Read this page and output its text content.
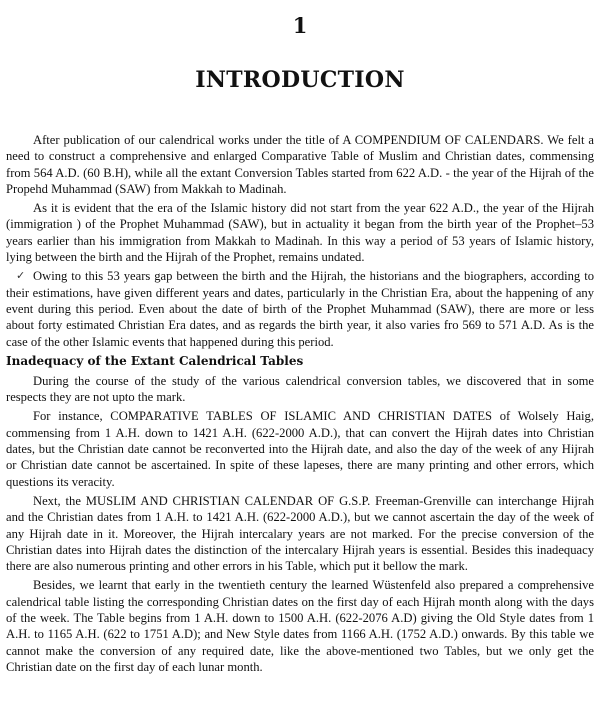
1
INTRODUCTION

After publication of our calendrical works under the title of A COMPENDIUM OF CALENDARS. We felt a need to construct a comprehensive and enlarged Comparative Table of Muslim and Christian dates, commensing from 564 A.D. (60 B.H), while all the extant Conversion Tables started from 622 A.D. - the year of the Hijrah of the Propehd Muhammad (SAW) from Makkah to Madinah.

As it is evident that the era of the Islamic history did not start from the year 622 A.D., the year of the Hijrah (immigration ) of the Prophet Muhammad (SAW), but in actuality it began from the birth year of the Prophet–53 years earlier than his immigration from Makkah to Madinah. In this way a period of 53 years of Islamic history, lying between the birth and the Hijrah of the Prophet, remains undated.

✓ Owing to this 53 years gap between the birth and the Hijrah, the historians and the biographers, according to their estimations, have given different years and dates, particularly in the Christian Era, about the happening of any event during this period. Even about the date of birth of the Prophet Muhammad (SAW), there are more or less about forty estimated Christian Era dates, and as regards the birth year, it also varies fro 569 to 571 A.D. As is the case of the other Islamic events that happened during this period.

Inadequacy of the Extant Calendrical Tables

During the course of the study of the various calendrical conversion tables, we discovered that in some respects they are not upto the mark.

For instance, COMPARATIVE TABLES OF ISLAMIC AND CHRISTIAN DATES of Wolsely Haig, commensing from 1 A.H. down to 1421 A.H. (622-2000 A.D.), that can convert the Hijrah dates into Christian dates, but the Christian date cannot be reconverted into the Hijrah date, and also the day of the week of any Hijrah or Christian date cannot be ascertained. In spite of these lapeses, there are many printing and other errors, which questions its veracity.

Next, the MUSLIM AND CHRISTIAN CALENDAR OF G.S.P. Freeman-Grenville can interchange Hijrah and the Christian dates from 1 A.H. to 1421 A.H. (622-2000 A.D.), but we cannot ascertain the day of the week of any Hijrah date in it. Moreover, the Hijrah intercalary years are not marked. For the precise conversion of the Christian dates into Hijrah dates the distinction of the intercalary Hijrah years is essential. Besides this inadequacy there are also numerous printing and other errors in his Table, which put it bellow the mark.

Besides, we learnt that early in the twentieth century the learned Wüstenfeld also prepared a comprehensive calendrical table listing the corresponding Christian dates on the first day of each Hijrah month along with the days of the week. The Table begins from 1 A.H. down to 1500 A.H. (622-2076 A.D) giving the Old Style dates from 1 A.H. to 1165 A.H. (622 to 1751 A.D); and New Style dates from 1166 A.H. (1752 A.D.) onwards. By this table we cannot make the conversion of any required date, like the above-mentioned two Tables, but we only get the Christian date on the first day of each lunar month.
